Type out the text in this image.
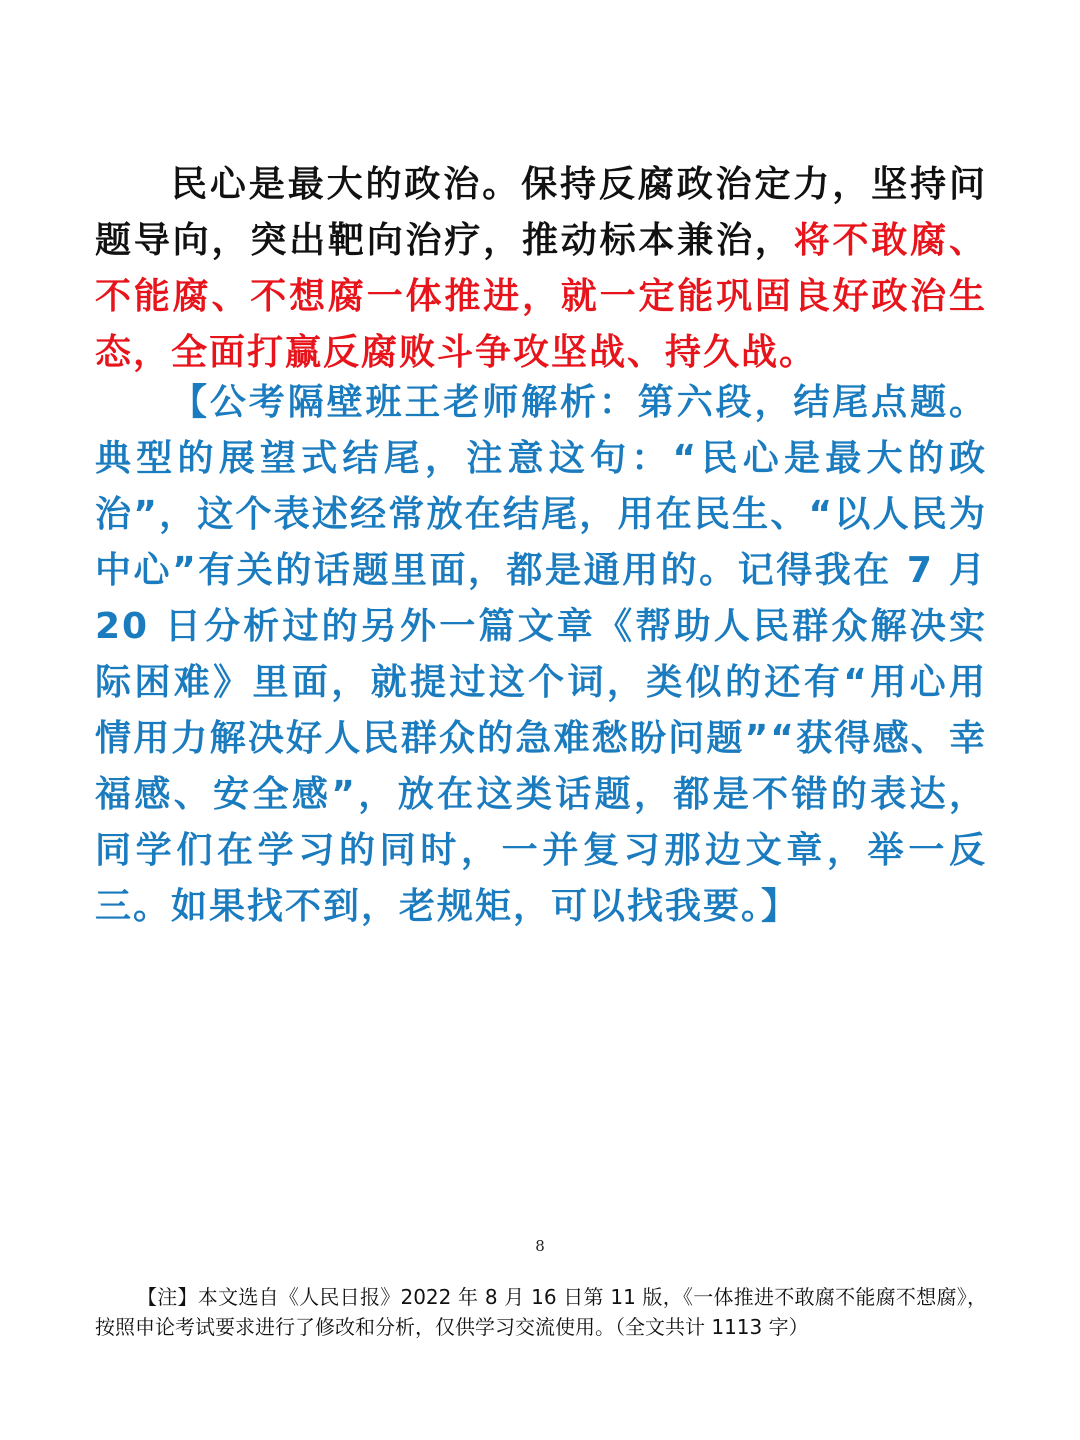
民心是最大的政治。保持反腐政治定力，坚持问题导向，突出靶向治疗，推动标本兼治，将不敢腐、不能腐、不想腐一体推进，就一定能巩固良好政治生态，全面打赢反腐败斗争攻坚战、持久战。

【公考隔壁班王老师解析：第六段，结尾点题。典型的展望式结尾，注意这句：“民心是最大的政治”，这个表述经常放在结尾，用在民生、“以人民为中心”有关的话题里面，都是通用的。记得我在 7 月 20 日分析过的另外一篇文章《帮助人民群众解决实际困难》里面，就提过这个词，类似的还有“用心用情用力解决好人民群众的急难愁盼问题”“获得感、幸福感、安全感”，放在这类话题，都是不错的表达，同学们在学习的同时，一并复习那边文章，举一反三。如果找不到，老规矩，可以找我要。】

8

【注】本文选自《人民日报》2022 年 8 月 16 日第 11 版，《一体推进不敢腐不能腐不想腐》，按照申论考试要求进行了修改和分析，仅供学习交流使用。（全文共计 1113 字）
